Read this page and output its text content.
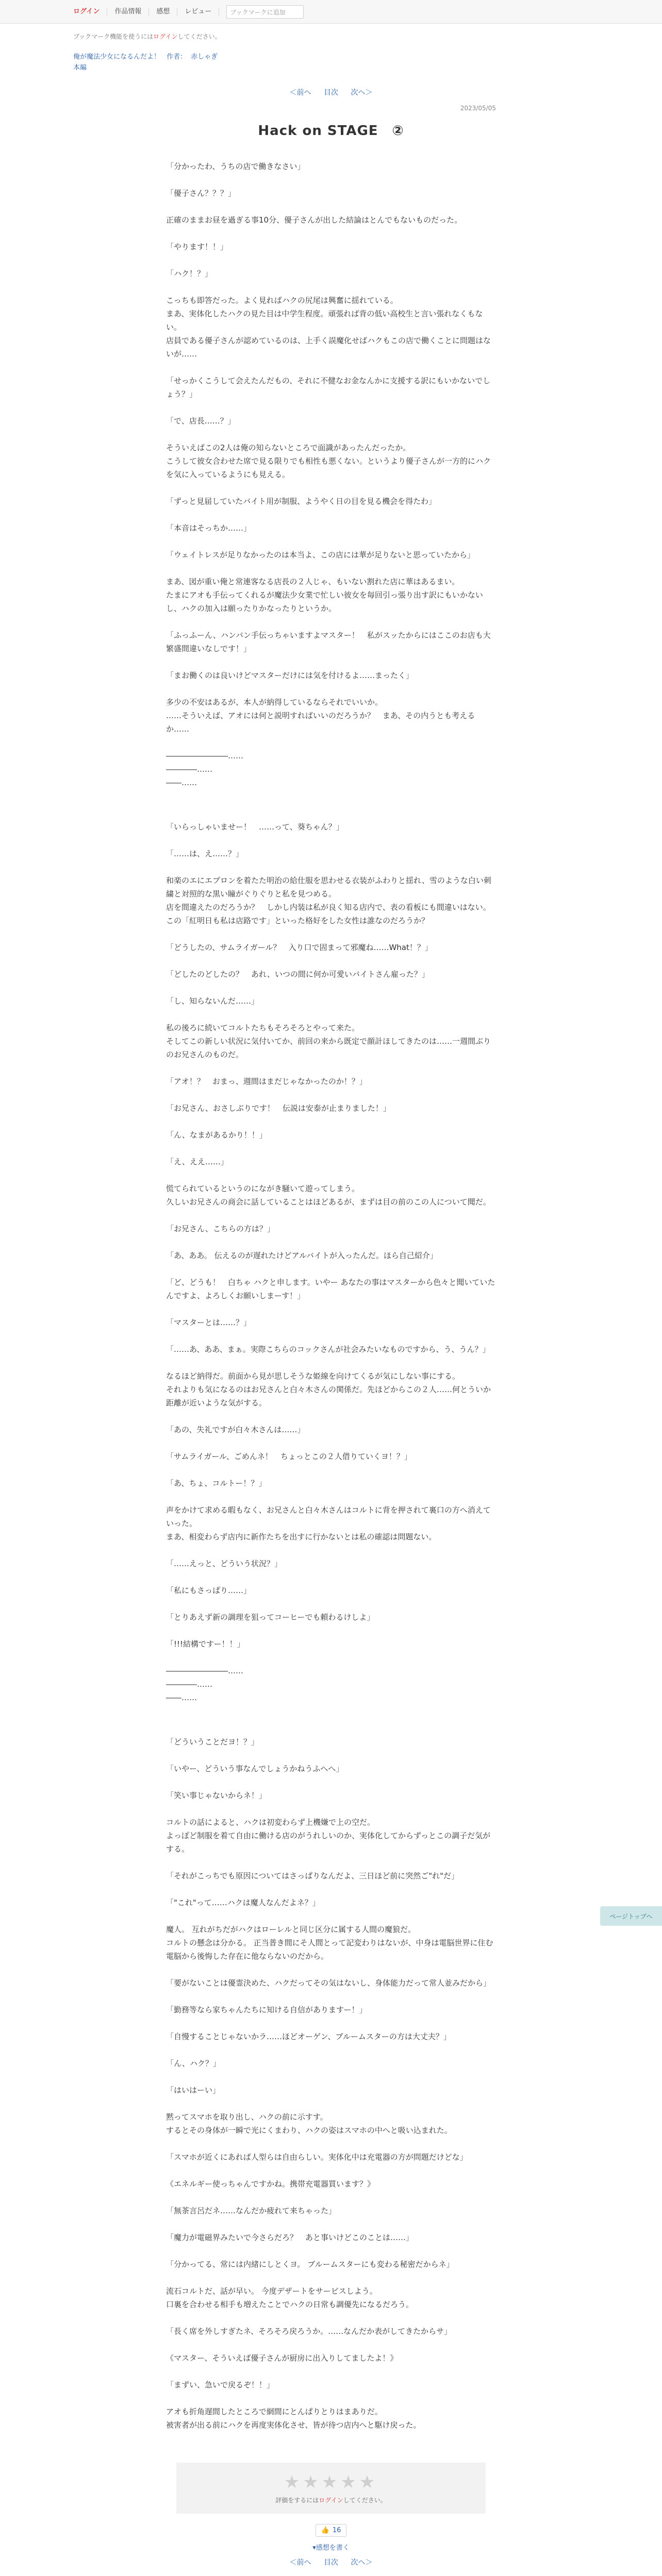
ログイン	作品情報	感想	レビュー	ブックマークに追加
ブックマーク機能を使うにはログインしてください。
俺が魔法少女になるんだよ！ 作者： 赤しゃぎ
本編
＜前へ 目次 次へ＞
2023/05/05
Hack on STAGE　②

「分かったわ、うちの店で働きなさい」

「優子さん？？？」

正確のままお昼を過ぎる事10分、優子さんが出した結論はとんでもないものだった。

「やります！！」

「ハク！？」

こっちも即答だった。よく見ればハクの尻尾は興奮に揺れている。
まあ、実体化したハクの見た目は中学生程度。頑張れば背の低い高校生と言い張れなくもない。
店員である優子さんが認めているのは、上手く誤魔化せばハクもこの店で働くことに問題はないが……

「せっかくこうして会えたんだもの、それに不健なお金なんかに支援する訳にもいかないでしょう？」

「で、店長……？」

そういえばこの2人は俺の知らないところで面識があったんだったか。
こうして彼女合わせた席で見る限りでも相性も悪くない。というより優子さんが一方的にハクを気に入っているようにも見える。

「ずっと見届していたバイト用が制服、ようやく日の目を見る機会を得たわ」

「本音はそっちか……」

「ウェイトレスが足りなかったのは本当よ、この店には華が足りないと思っていたから」

まあ、図が重い俺と常連客なる店長の２人じゃ、もいない割れた店に華はあるまい。
たまにアオも手伝ってくれるが魔法少女業で忙しい彼女を毎回引っ張り出す訳にもいかないし、ハクの加入は願ったりかなったりというか。

「ふっふーん、ハンバン手伝っちゃいますよマスター！　私がスッたからにはここのお店も大繁盛間違いなしです！」

「まお働くのは良いけどマスターだけには気を付けるよ……まったく」

多少の不安はあるが、本人が納得しているならそれでいいか。
……そういえば、アオには何と説明すればいいのだろうか？　まあ、その内うとも考えるか……

――――――――……
――――……
――……

「いらっしゃいませー！　……って、葵ちゃん？」

「……は、え……？」

和楽のエにエプロンを着たた明治の給仕服を思わせる衣装がふわりと揺れ、雪のような白い刺繍と対照的な黒い瞳がぐりぐりと私を見つめる。
店を間違えたのだろうか？　しかし内装は私が良く知る店内で、表の看板にも間違いはない。
この「紅明日も私は店路です」といった格好をした女性は誰なのだろうか？

「どうしたの、サムライガール？　入り口で固まって邪魔ね……What！？」

「どしたのどしたの？　あれ、いつの間に何か可愛いバイトさん雇った？」

「し、知らないんだ……」

私の後ろに続いてコルトたちもそろそろとやって来た。
そしてこの新しい状況に気付いてか、前回の来から既定で顔計ほしてきたのは……一週間ぶりのお兄さんのものだ。

「アオ！？　おまっ、週間はまだじゃなかったのか！？」

「お兄さん、おさしぶりです！　伝説は安泰が止まりました！」

「ん、なまがあるかり！！」

「え、ええ……」

慌てられているというのにながき騒いて遊ってしまう。
久しいお兄さんの商会に話していることはほどあるが、まずは目の前のこの人について聞だ。

「お兄さん、こちらの方は？」

「あ、ああ。 伝えるのが遅れたけどアルバイトが入ったんだ。ほら自己紹介」

「ど、どうも！　白ちゃ ハクと申します。いやー あなたの事はマスターから色々と聞いていたんですよ、よろしくお願いしまーす！」

「マスターとは……？」

「……あ、ああ、まぁ。実際こちらのコックさんが社会みたいなものですから、う、うん？」

なるほど納得だ。前面から見が思しそうな姫線を向けてくるが気にしない事にする。
それよりも気になるのはお兄さんと白々木さんの関係だ。先ほどからこの２人……何とういか距離が近いような気がする。

「あの、失礼ですが白々木さんは……」

「サムライガール、ごめんネ！　ちょっとこの２人借りていくヨ！？」

「あ、ちょ、コルトー！？」

声をかけて求める暇もなく、お兄さんと白々木さんはコルトに背を押されて裏口の方へ消えていった。
まあ、相変わらず店内に新作たちを出すに行かないとは私の確認は問題ない。

「……えっと、どういう状況？」

「私にもさっぱり……」

「とりあえず新の調理を狙ってコーヒーでも頼わるけしよ」

「!!!結構ですー！！」

――――――――……
――――……
――……

「どういうことだヨ！？」

「いやー、どういう事なんでしょうかねうふへへ」

「笑い事じゃないからネ！」

コルトの話によると、ハクは初変わらず上機嫌で上の空だ。
よっぽど制服を着て自由に働ける店のがうれしいのか、実体化してからずっとこの調子だ気がする。

「それがこっちでも原因についてはさっぱりなんだよ、三日ほど前に突然ご"れ"だ」

「"これ"って……ハクは魔人なんだよネ？」

魔人。 互れがちだがハクはローレルと同じ区分に属する人間の魔狼だ。
コルトの懸念は分かる。 正当普き間にそ人間とって記変わりはないが、中身は電脳世界に住む電脳から後悔した存在に他ならないのだから。

「要がないことは優霊決めた、ハクだってその気はないし、身体能力だって常人並みだから」

「勤務等なら家ちゃんたちに知ける自信がありますー！」

「自慢することじゃないかラ……ほどオーゲン、ブルームスターの方は大丈夫？」

「ん、ハク？」

「はいはーい」

黙ってスマホを取り出し、ハクの前に示すす。
するとその身体が一瞬で光にくまわり、ハクの姿はスマホの中へと吸い込まれた。

「スマホが近くにあれば人型らは自由らしい。実体化中は充電器の方が問題だけどな」

《エネルギー使っちゃんですかね。携帯充電器買います？》

「無茶言呂だネ……なんだか疲れて来ちゃった」

「魔力が電磁界みたいで今さらだろ？　あと事いけどこのことは……」

「分かってる、常には内緒にしとくヨ。 ブルームスターにも変わる秘密だからネ」

流石コルトだ、話が早い。 今度デザートをサービスしよう。
口裏を合わせる相手も増えたことでハクの日常も調優先になるだろう。

「長く席を外しすぎたネ、そろそろ戻ろうか。……なんだか表がしてきたからサ」

《マスター、そういえば優子さんが厨房に出入りしてましたよ！》

「まずい、急いで戻るぞ！！」

アオも折角遅間したところで網間にとんぱりとりはまありだ。
被害者が出る前にハクを再度実体化させ、皆が待つ店内へと駆け戻った。

ページトップへ
★★★★★
評価をするにはログインしてください。
👍 16
▾感想を書く
＜前へ 目次 次へ＞
